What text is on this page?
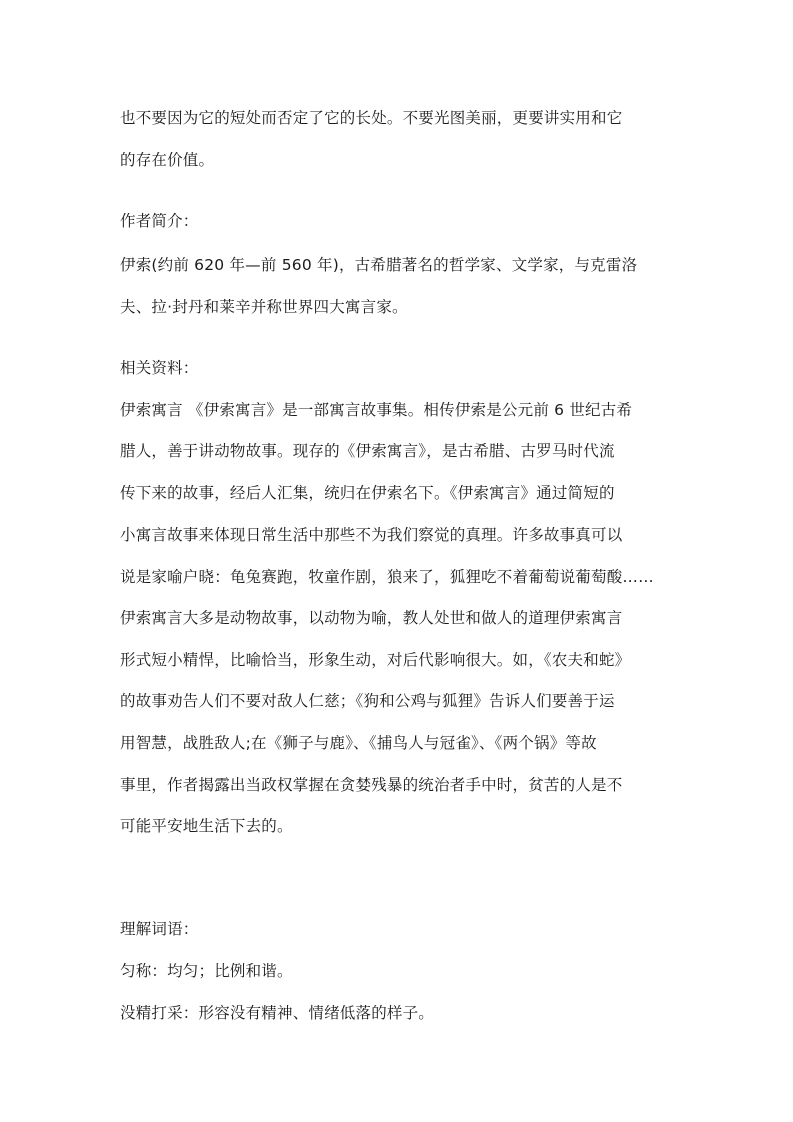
也不要因为它的短处而否定了它的长处。不要光图美丽，更要讲实用和它
的存在价值。
作者简介：
伊索(约前 620 年—前 560 年)，古希腊著名的哲学家、文学家，与克雷洛
夫、拉·封丹和莱辛并称世界四大寓言家。
相关资料：
伊索寓言 《伊索寓言》是一部寓言故事集。相传伊索是公元前 6 世纪古希
腊人，善于讲动物故事。现存的《伊索寓言》，是古希腊、古罗马时代流
传下来的故事，经后人汇集，统归在伊索名下。《伊索寓言》通过简短的
小寓言故事来体现日常生活中那些不为我们察觉的真理。许多故事真可以
说是家喻户晓：龟兔赛跑，牧童作剧，狼来了，狐狸吃不着葡萄说葡萄酸……
伊索寓言大多是动物故事，以动物为喻，教人处世和做人的道理伊索寓言
形式短小精悍，比喻恰当，形象生动，对后代影响很大。如，《农夫和蛇》
的故事劝告人们不要对敌人仁慈；《狗和公鸡与狐狸》告诉人们要善于运
用智慧，战胜敌人;在《狮子与鹿》、《捕鸟人与冠雀》、《两个锅》等故
事里，作者揭露出当政权掌握在贪婪残暴的统治者手中时，贫苦的人是不
可能平安地生活下去的。
理解词语：
匀称：均匀；比例和谐。
没精打采：形容没有精神、情绪低落的样子。
